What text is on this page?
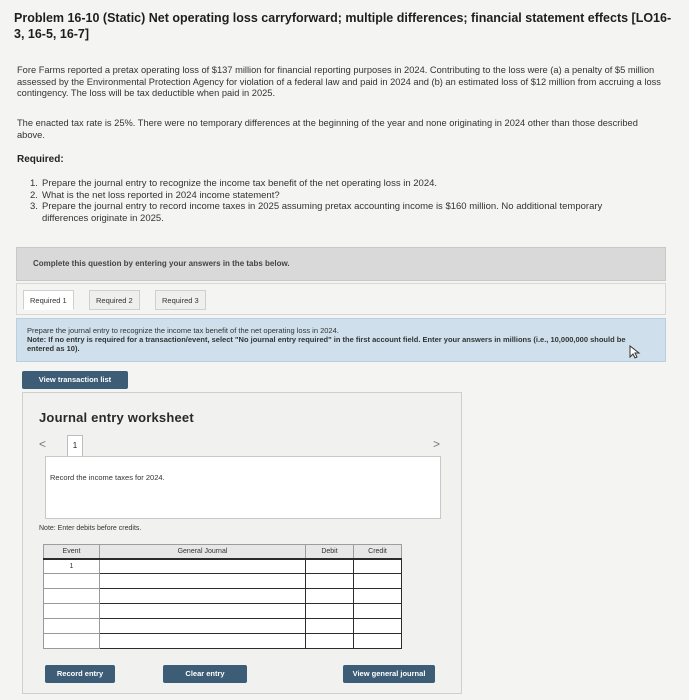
Problem 16-10 (Static) Net operating loss carryforward; multiple differences; financial statement effects [LO16-3, 16-5, 16-7]
Fore Farms reported a pretax operating loss of $137 million for financial reporting purposes in 2024. Contributing to the loss were (a) a penalty of $5 million assessed by the Environmental Protection Agency for violation of a federal law and paid in 2024 and (b) an estimated loss of $12 million from accruing a loss contingency. The loss will be tax deductible when paid in 2025.
The enacted tax rate is 25%. There were no temporary differences at the beginning of the year and none originating in 2024 other than those described above.
Required:
1. Prepare the journal entry to recognize the income tax benefit of the net operating loss in 2024.
2. What is the net loss reported in 2024 income statement?
3. Prepare the journal entry to record income taxes in 2025 assuming pretax accounting income is $160 million. No additional temporary differences originate in 2025.
Complete this question by entering your answers in the tabs below.
Required 1	Required 2	Required 3
Prepare the journal entry to recognize the income tax benefit of the net operating loss in 2024.
Note: If no entry is required for a transaction/event, select "No journal entry required" in the first account field. Enter your answers in millions (i.e., 10,000,000 should be entered as 10).
View transaction list
Journal entry worksheet
<	1	>
Record the income taxes for 2024.
Note: Enter debits before credits.
Event	General Journal	Debit	Credit
1			

Record entry	Clear entry	View general journal
